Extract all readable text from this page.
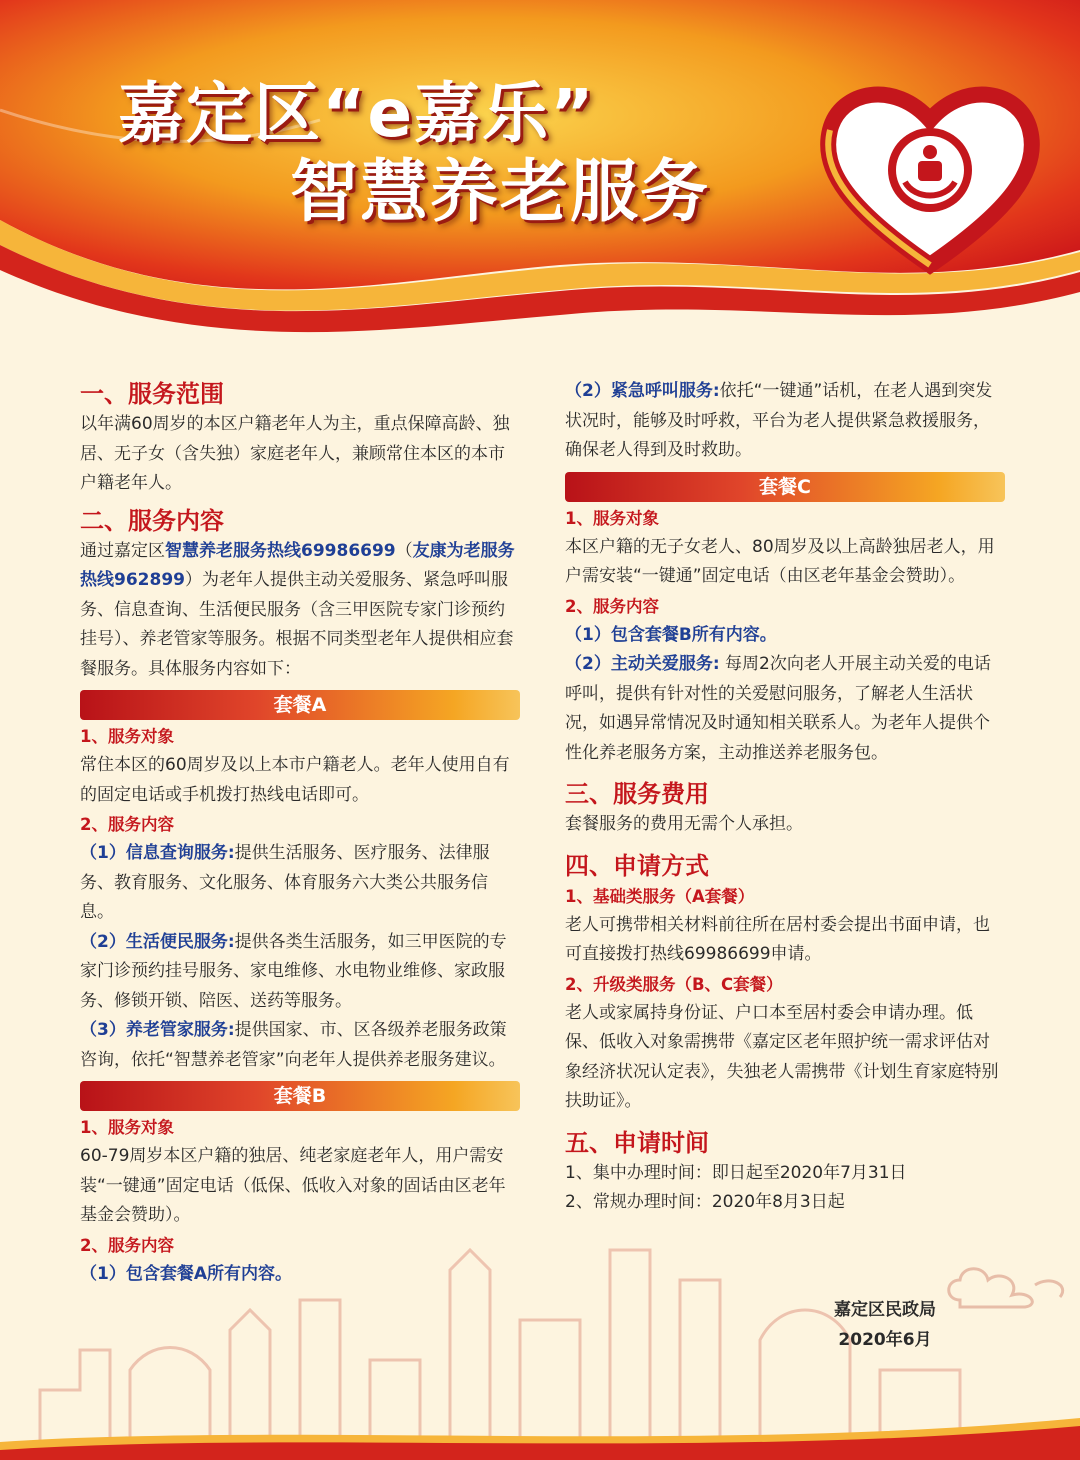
嘉定区“e嘉乐”
智慧养老服务

一、服务范围

以年满60周岁的本区户籍老年人为主，重点保障高龄、独居、无子女（含失独）家庭老年人，兼顾常住本区的本市户籍老年人。

二、服务内容

通过嘉定区智慧养老服务热线69986699（友康为老服务热线962899）为老年人提供主动关爱服务、紧急呼叫服务、信息查询、生活便民服务（含三甲医院专家门诊预约挂号）、养老管家等服务。根据不同类型老年人提供相应套餐服务。具体服务内容如下：

套餐A

1、服务对象

常住本区的60周岁及以上本市户籍老人。老年人使用自有的固定电话或手机拨打热线电话即可。

2、服务内容

（1）信息查询服务:提供生活服务、医疗服务、法律服务、教育服务、文化服务、体育服务六大类公共服务信息。

（2）生活便民服务:提供各类生活服务，如三甲医院的专家门诊预约挂号服务、家电维修、水电物业维修、家政服务、修锁开锁、陪医、送药等服务。

（3）养老管家服务:提供国家、市、区各级养老服务政策咨询，依托“智慧养老管家”向老年人提供养老服务建议。

套餐B

1、服务对象

60-79周岁本区户籍的独居、纯老家庭老年人，用户需安装“一键通”固定电话（低保、低收入对象的固话由区老年基金会赞助）。

2、服务内容

（1）包含套餐A所有内容。

（2）紧急呼叫服务:依托“一键通”话机，在老人遇到突发状况时，能够及时呼救，平台为老人提供紧急救援服务，确保老人得到及时救助。

套餐C

1、服务对象

本区户籍的无子女老人、80周岁及以上高龄独居老人，用户需安装“一键通”固定电话（由区老年基金会赞助）。

2、服务内容

（1）包含套餐B所有内容。

（2）主动关爱服务: 每周2次向老人开展主动关爱的电话呼叫，提供有针对性的关爱慰问服务，了解老人生活状况，如遇异常情况及时通知相关联系人。为老年人提供个性化养老服务方案，主动推送养老服务包。

三、服务费用

套餐服务的费用无需个人承担。

四、申请方式

1、基础类服务（A套餐）

老人可携带相关材料前往所在居村委会提出书面申请，也可直接拨打热线69986699申请。

2、升级类服务（B、C套餐）

老人或家属持身份证、户口本至居村委会申请办理。低保、低收入对象需携带《嘉定区老年照护统一需求评估对象经济状况认定表》，失独老人需携带《计划生育家庭特别扶助证》。

五、申请时间

1、集中办理时间：即日起至2020年7月31日

2、常规办理时间：2020年8月3日起

嘉定区民政局
2020年6月
